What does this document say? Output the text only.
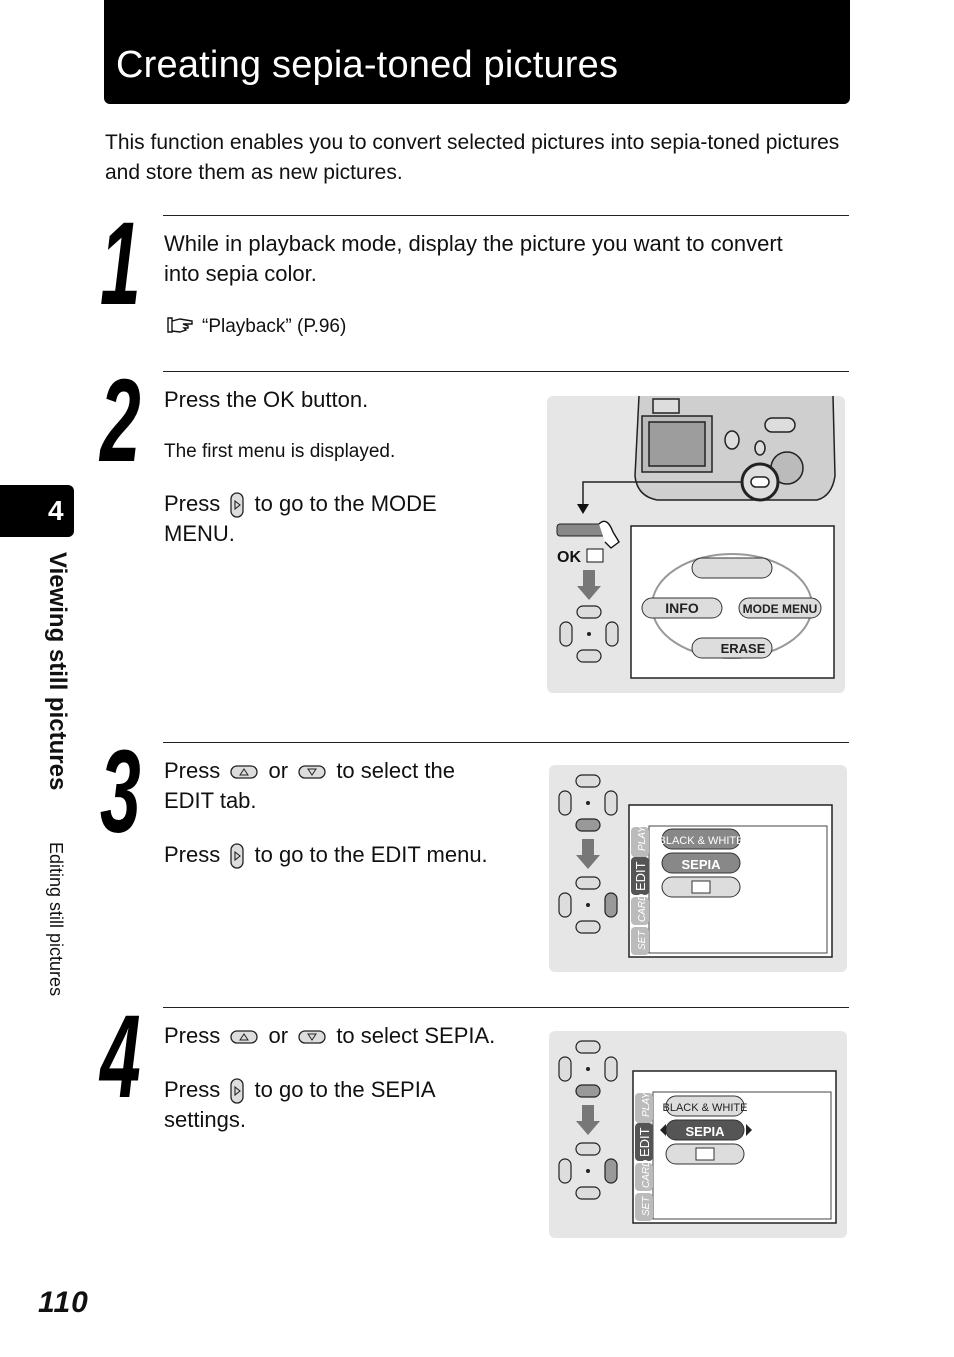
Creating sepia-toned pictures

This function enables you to convert selected pictures into sepia-toned pictures and store them as new pictures.

4
Viewing still pictures
Editing still pictures
1 While in playback mode, display the picture you want to convert into sepia color.
“Playback” (P.96)
2 Press the OK button.
The first menu is displayed.
Press to go to the MODE
MENU.
OK
INFO	MODE MENU
ERASE
3 Press or to select the
EDIT tab.
Press to go to the EDIT menu.
PLAY
EDIT
CARD
SET
BLACK & WHITE
SEPIA
4 Press or to select SEPIA.
Press to go to the SEPIA
settings.
PLAY
EDIT
CARD
SET
BLACK & WHITE
SEPIA
110
